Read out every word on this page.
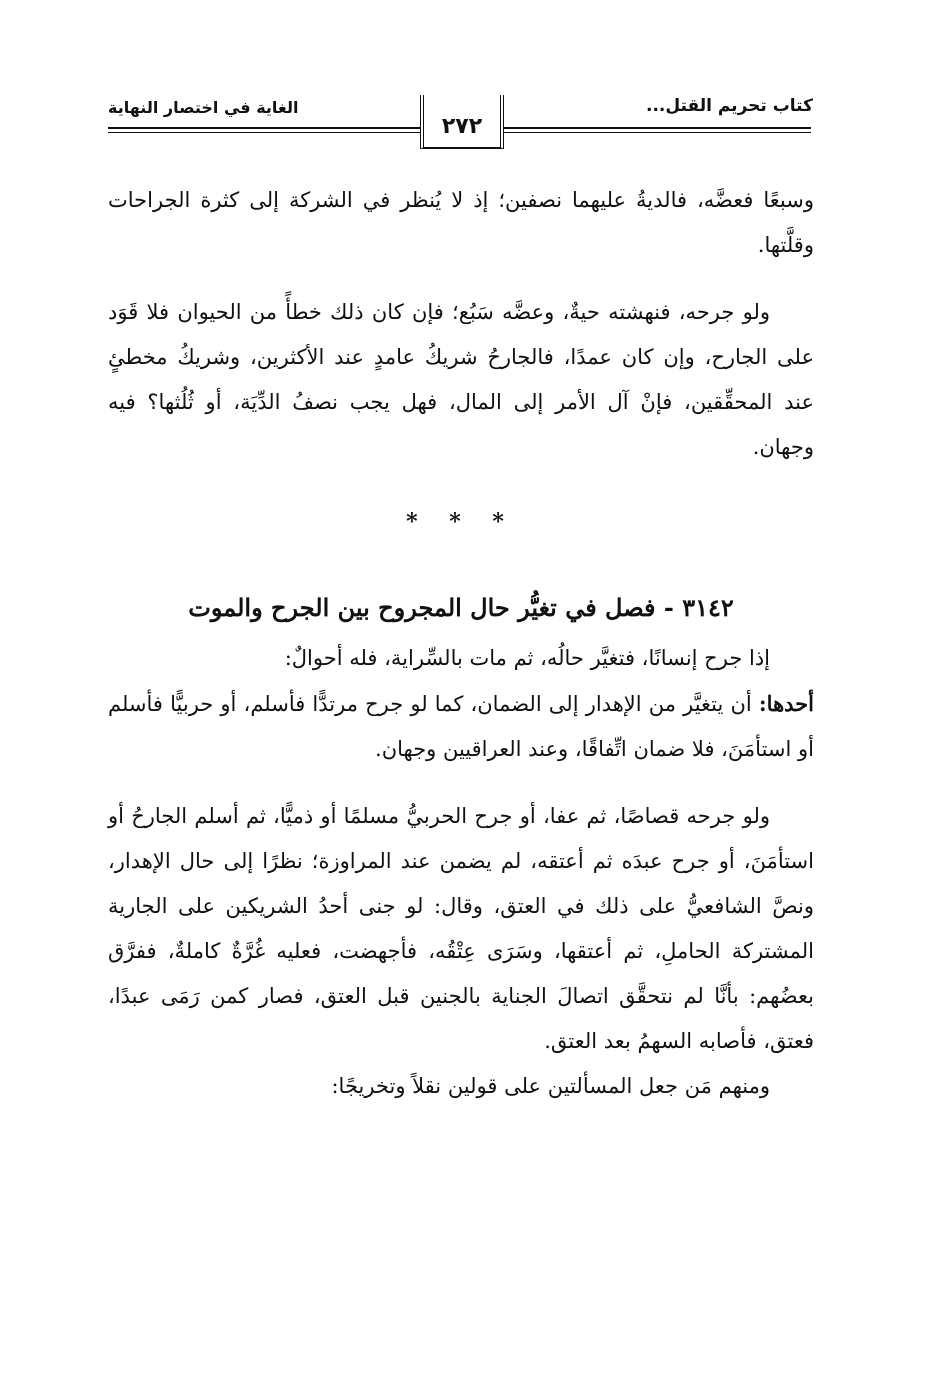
كتاب تحريم القتل...
الغاية في اختصار النهاية
٢٧٢

وسبعًا فعضَّه، فالديةُ عليهما نصفين؛ إذ لا يُنظر في الشركة إلى كثرة الجراحات وقلَّتها.

ولو جرحه، فنهشته حيةٌ، وعضَّه سَبُع؛ فإن كان ذلك خطأً من الحيوان فلا قَوَد على الجارح، وإن كان عمدًا، فالجارحُ شريكُ عامدٍ عند الأكثرين، وشريكُ مخطئٍ عند المحقِّقين، فإنْ آل الأمر إلى المال، فهل يجب نصفُ الدِّيَة، أو ثُلُثها؟ فيه وجهان.

* * *

٣١٤٢ - فصل في تغيُّر حال المجروح بين الجرح والموت

إذا جرح إنسانًا، فتغيَّر حالُه، ثم مات بالسِّراية، فله أحوالٌ:

أحدها: أن يتغيَّر من الإهدار إلى الضمان، كما لو جرح مرتدًّا فأسلم، أو حربيًّا فأسلم أو استأمَنَ، فلا ضمان اتِّفاقًا، وعند العراقيين وجهان.

ولو جرحه قصاصًا، ثم عفا، أو جرح الحربيُّ مسلمًا أو ذميًّا، ثم أسلم الجارحُ أو استأمَنَ، أو جرح عبدَه ثم أعتقه، لم يضمن عند المراوزة؛ نظرًا إلى حال الإهدار، ونصَّ الشافعيُّ على ذلك في العتق، وقال: لو جنى أحدُ الشريكين على الجارية المشتركة الحاملِ، ثم أعتقها، وسَرَى عِتْقُه، فأجهضت، فعليه غُرَّةٌ كاملةٌ، ففرَّق بعضُهم: بأنَّا لم نتحقَّق اتصالَ الجناية بالجنين قبل العتق، فصار كمن رَمَى عبدًا، فعتق، فأصابه السهمُ بعد العتق.

ومنهم مَن جعل المسألتين على قولين نقلاً وتخريجًا:
